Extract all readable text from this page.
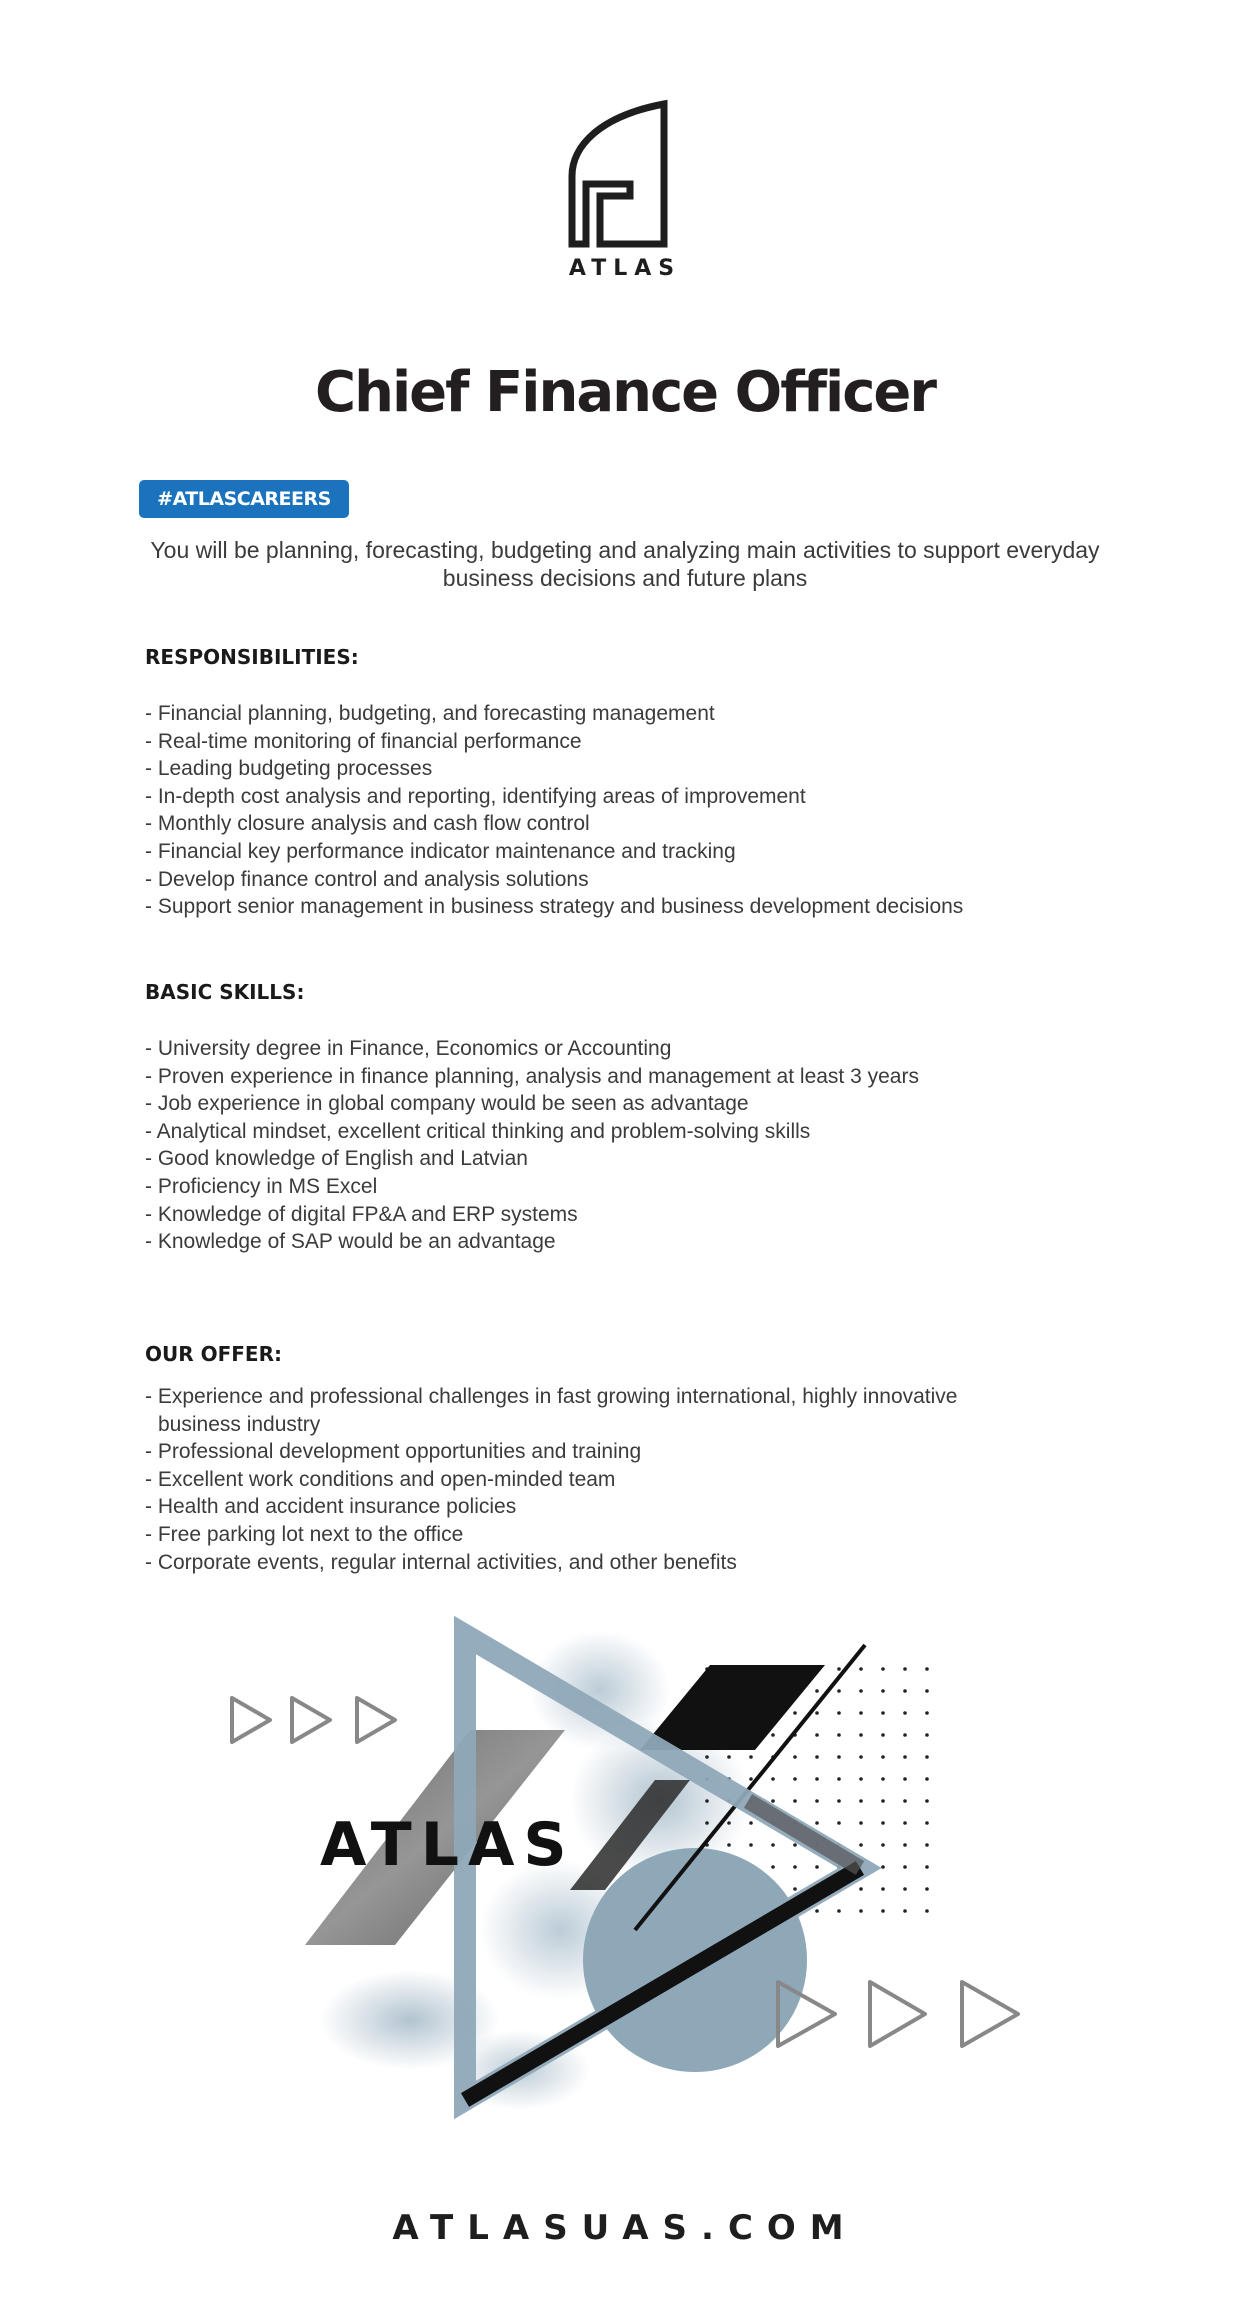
ATLAS
Chief Finance Officer
#ATLASCAREERS
You will be planning, forecasting, budgeting and analyzing main activities to support everyday business decisions and future plans
RESPONSIBILITIES:
- Financial planning, budgeting, and forecasting management
- Real-time monitoring of financial performance
- Leading budgeting processes
- In-depth cost analysis and reporting, identifying areas of improvement
- Monthly closure analysis and cash flow control
- Financial key performance indicator maintenance and tracking
- Develop finance control and analysis solutions
- Support senior management in business strategy and business development decisions
BASIC SKILLS:
- University degree in Finance, Economics or Accounting
- Proven experience in finance planning, analysis and management at least 3 years
- Job experience in global company would be seen as advantage
- Analytical mindset, excellent critical thinking and problem-solving skills
- Good knowledge of English and Latvian
- Proficiency in MS Excel
- Knowledge of digital FP&A and ERP systems
- Knowledge of SAP would be an advantage
OUR OFFER:
- Experience and professional challenges in fast growing international, highly innovative business industry
- Professional development opportunities and training
- Excellent work conditions and open-minded team
- Health and accident insurance policies
- Free parking lot next to the office
- Corporate events, regular internal activities, and other benefits
ATLAS
ATLASUAS.COM
